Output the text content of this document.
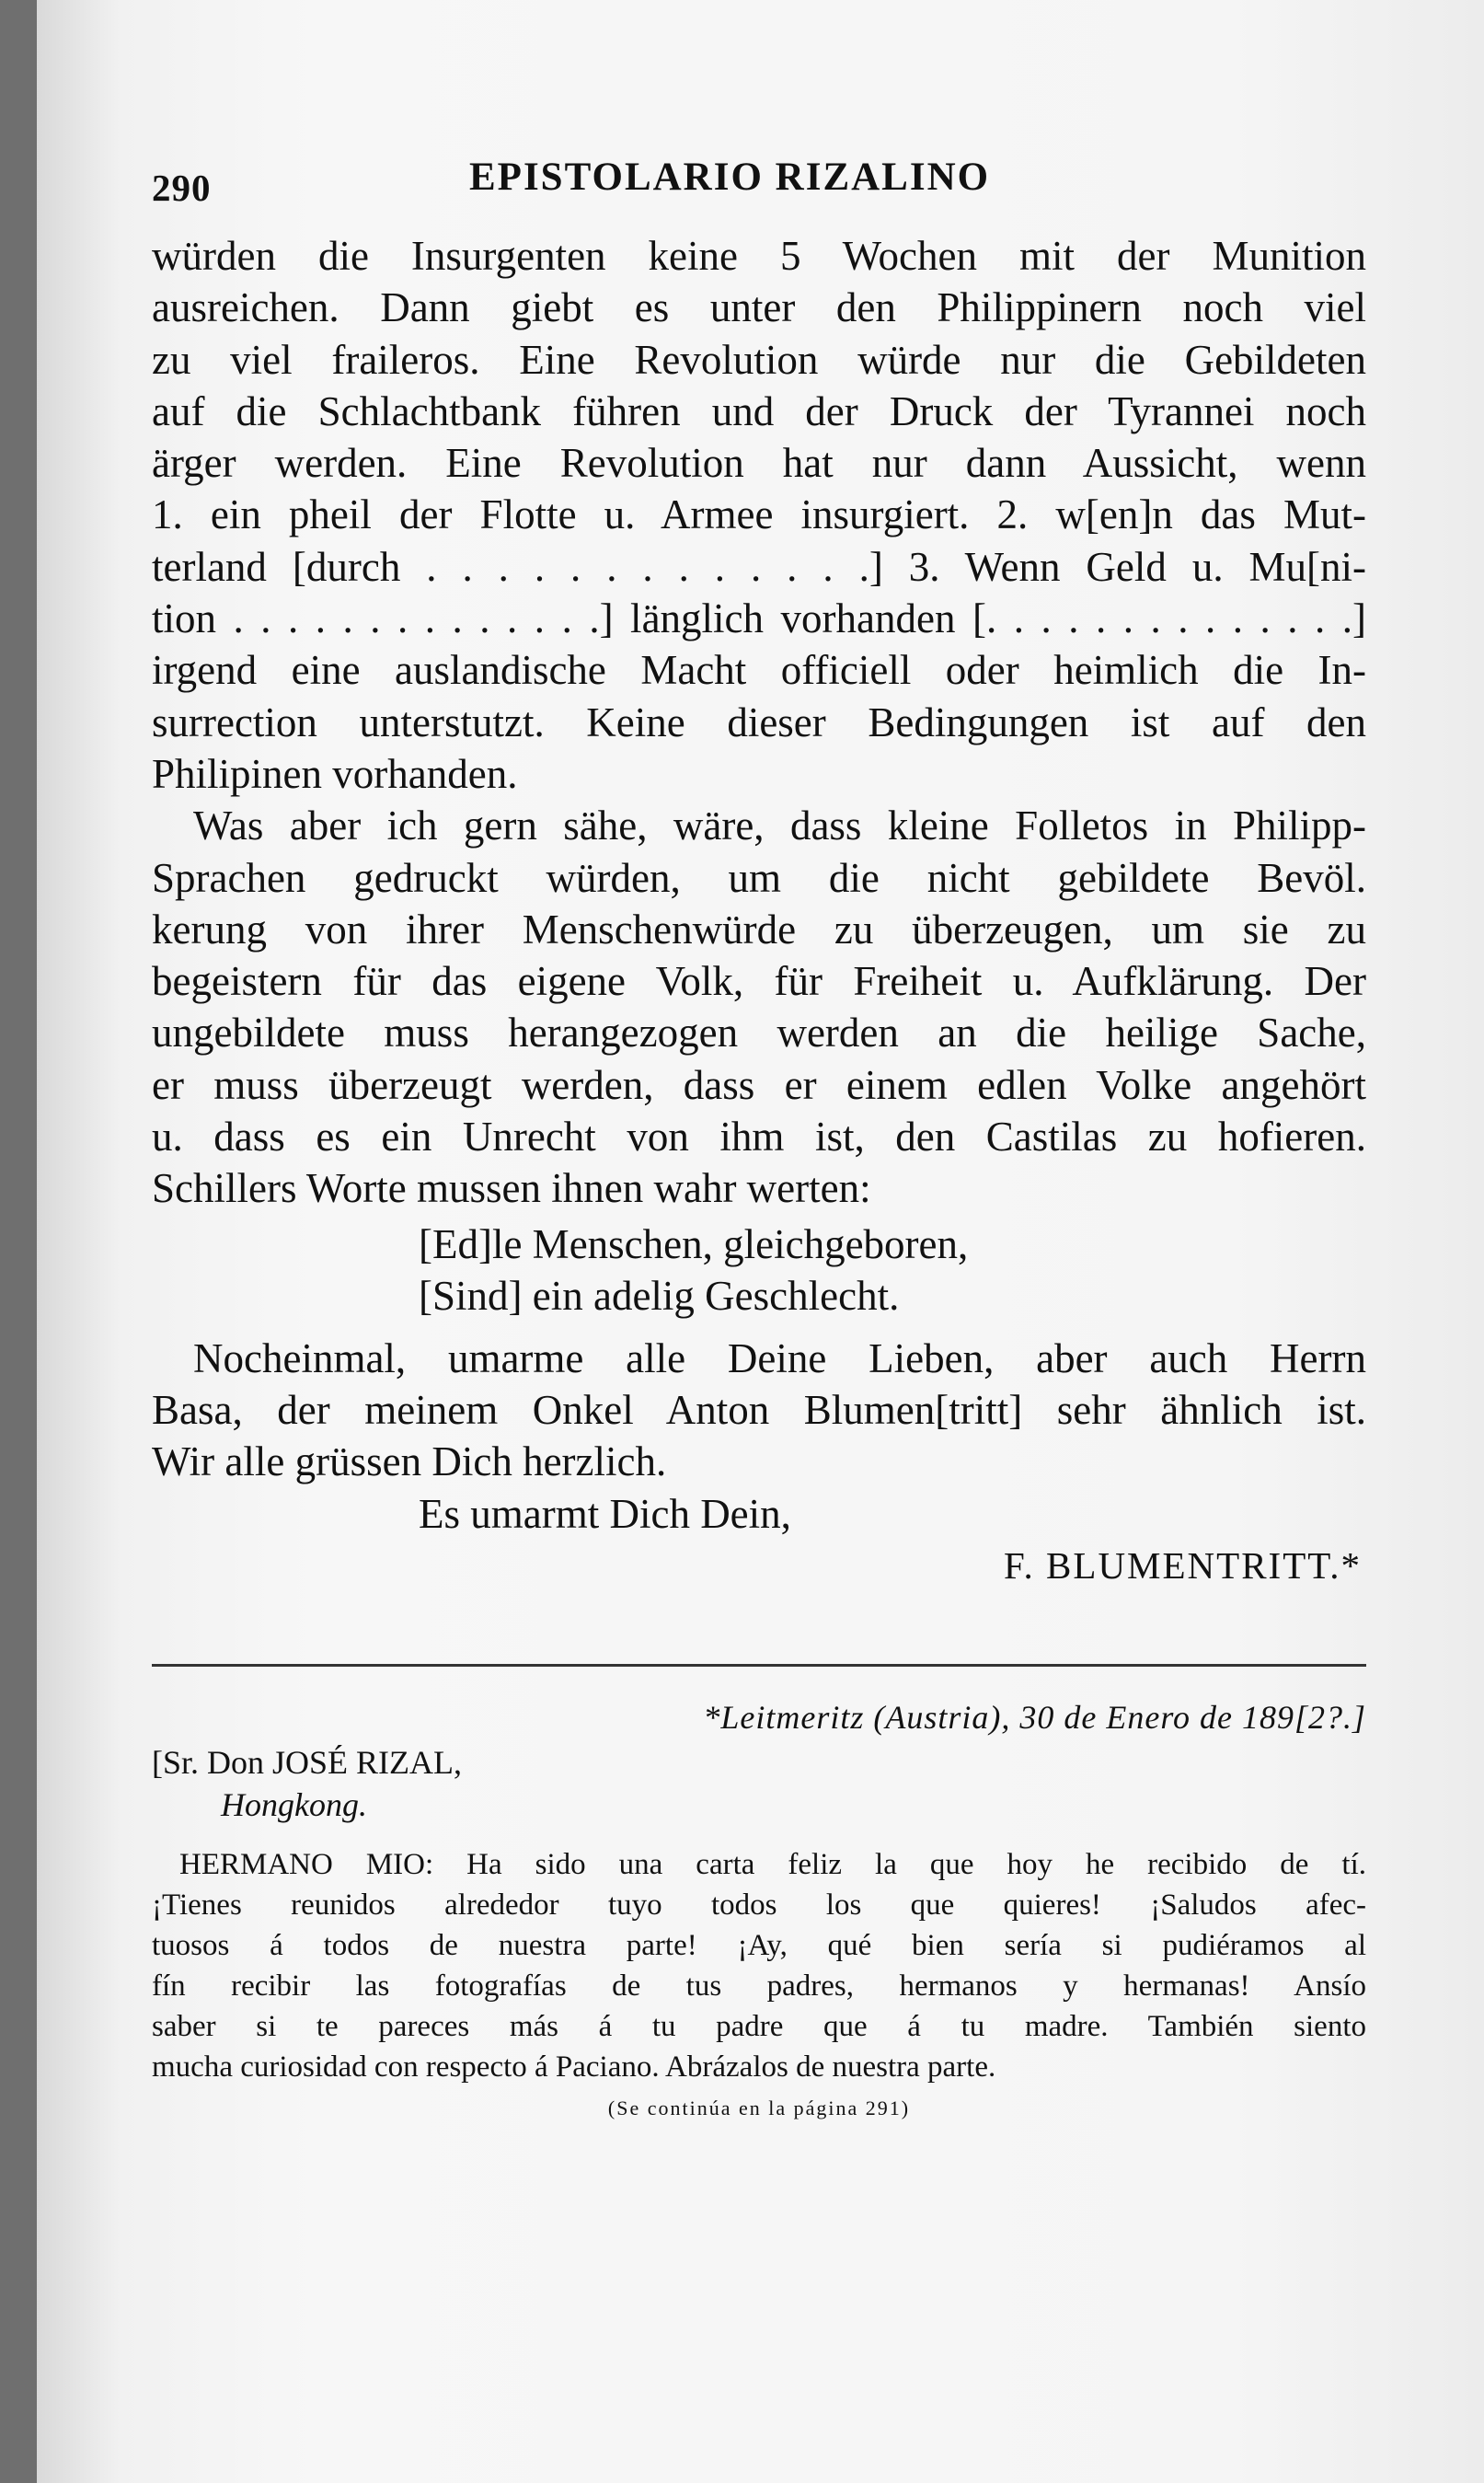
290	EPISTOLARIO RIZALINO
würden die Insurgenten keine 5 Wochen mit der Munition
ausreichen. Dann giebt es unter den Philippinern noch viel
zu viel fraileros. Eine Revolution würde nur die Gebildeten
auf die Schlachtbank führen und der Druck der Tyrannei noch
ärger werden. Eine Revolution hat nur dann Aussicht, wenn
1. ein pheil der Flotte u. Armee insurgiert. 2. w[en]n das Mut-
terland [durch . . . . . . . . . . . . .] 3. Wenn Geld u. Mu[ni-
tion . . . . . . . . . . . . . .] länglich vorhanden [. . . . . . . . . . . . . .]
irgend eine auslandische Macht officiell oder heimlich die In-
surrection unterstutzt. Keine dieser Bedingungen ist auf den
Philipinen vorhanden.
Was aber ich gern sähe, wäre, dass kleine Folletos in Philipp-
Sprachen gedruckt würden, um die nicht gebildete Bevöl.
kerung von ihrer Menschenwürde zu überzeugen, um sie zu
begeistern für das eigene Volk, für Freiheit u. Aufklärung. Der
ungebildete muss herangezogen werden an die heilige Sache,
er muss überzeugt werden, dass er einem edlen Volke angehört
u. dass es ein Unrecht von ihm ist, den Castilas zu hofieren.
Schillers Worte mussen ihnen wahr werten:
[Ed]le Menschen, gleichgeboren,
[Sind] ein adelig Geschlecht.
Nocheinmal, umarme alle Deine Lieben, aber auch Herrn
Basa, der meinem Onkel Anton Blumen[tritt] sehr ähnlich ist.
Wir alle grüssen Dich herzlich.
Es umarmt Dich Dein,
F. BLUMENTRITT.*
*Leitmeritz (Austria), 30 de Enero de 189[2?.]
[Sr. Don JOSÉ RIZAL,
Hongkong.
HERMANO MIO: Ha sido una carta feliz la que hoy he recibido de tí.
¡Tienes reunidos alrededor tuyo todos los que quieres! ¡Saludos afec-
tuosos á todos de nuestra parte! ¡Ay, qué bien sería si pudiéramos al
fín recibir las fotografías de tus padres, hermanos y hermanas! Ansío
saber si te pareces más á tu padre que á tu madre. También siento
mucha curiosidad con respecto á Paciano. Abrázalos de nuestra parte.
(Se continúa en la página 291)
